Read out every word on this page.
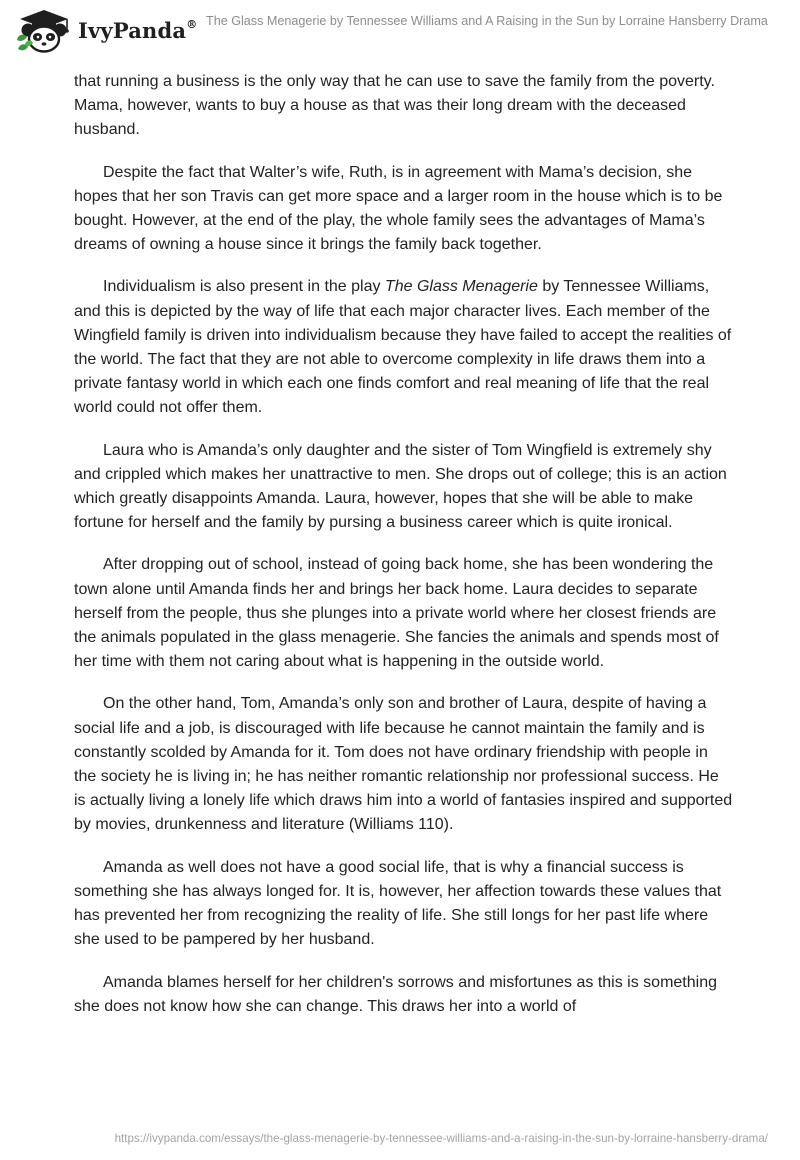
IvyPanda® The Glass Menagerie by Tennessee Williams and A Raising in the Sun by Lorraine Hansberry Drama

that running a business is the only way that he can use to save the family from the poverty. Mama, however, wants to buy a house as that was their long dream with the deceased husband.

Despite the fact that Walter’s wife, Ruth, is in agreement with Mama’s decision, she hopes that her son Travis can get more space and a larger room in the house which is to be bought. However, at the end of the play, the whole family sees the advantages of Mama’s dreams of owning a house since it brings the family back together.

Individualism is also present in the play The Glass Menagerie by Tennessee Williams, and this is depicted by the way of life that each major character lives. Each member of the Wingfield family is driven into individualism because they have failed to accept the realities of the world. The fact that they are not able to overcome complexity in life draws them into a private fantasy world in which each one finds comfort and real meaning of life that the real world could not offer them.

Laura who is Amanda’s only daughter and the sister of Tom Wingfield is extremely shy and crippled which makes her unattractive to men. She drops out of college; this is an action which greatly disappoints Amanda. Laura, however, hopes that she will be able to make fortune for herself and the family by pursing a business career which is quite ironical.

After dropping out of school, instead of going back home, she has been wondering the town alone until Amanda finds her and brings her back home. Laura decides to separate herself from the people, thus she plunges into a private world where her closest friends are the animals populated in the glass menagerie. She fancies the animals and spends most of her time with them not caring about what is happening in the outside world.

On the other hand, Tom, Amanda’s only son and brother of Laura, despite of having a social life and a job, is discouraged with life because he cannot maintain the family and is constantly scolded by Amanda for it. Tom does not have ordinary friendship with people in the society he is living in; he has neither romantic relationship nor professional success. He is actually living a lonely life which draws him into a world of fantasies inspired and supported by movies, drunkenness and literature (Williams 110).

Amanda as well does not have a good social life, that is why a financial success is something she has always longed for. It is, however, her affection towards these values that has prevented her from recognizing the reality of life. She still longs for her past life where she used to be pampered by her husband.

Amanda blames herself for her children's sorrows and misfortunes as this is something she does not know how she can change. This draws her into a world of

https://ivypanda.com/essays/the-glass-menagerie-by-tennessee-williams-and-a-raising-in-the-sun-by-lorraine-hansberry-drama/
